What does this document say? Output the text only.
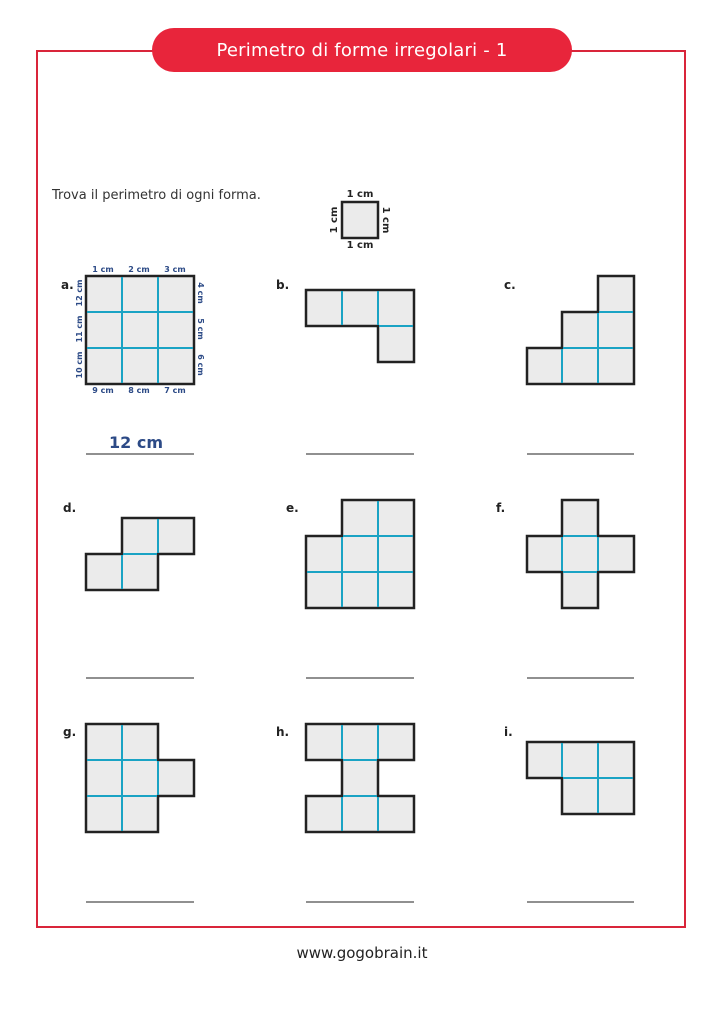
Perimetro di forme irregolari - 1
Trova il perimetro di ogni forma.	1 cm
1 cm
1 cm	1 cm
1 cm 2 cm 3 cm
9 cm 8 cm 7 cm
12 cm
11 cm
10 cm
4 cm
5 cm
6 cm
a.
12 cm
b.	c.
d.	e.	f.
g.	h.	i.
www.gogobrain.it
